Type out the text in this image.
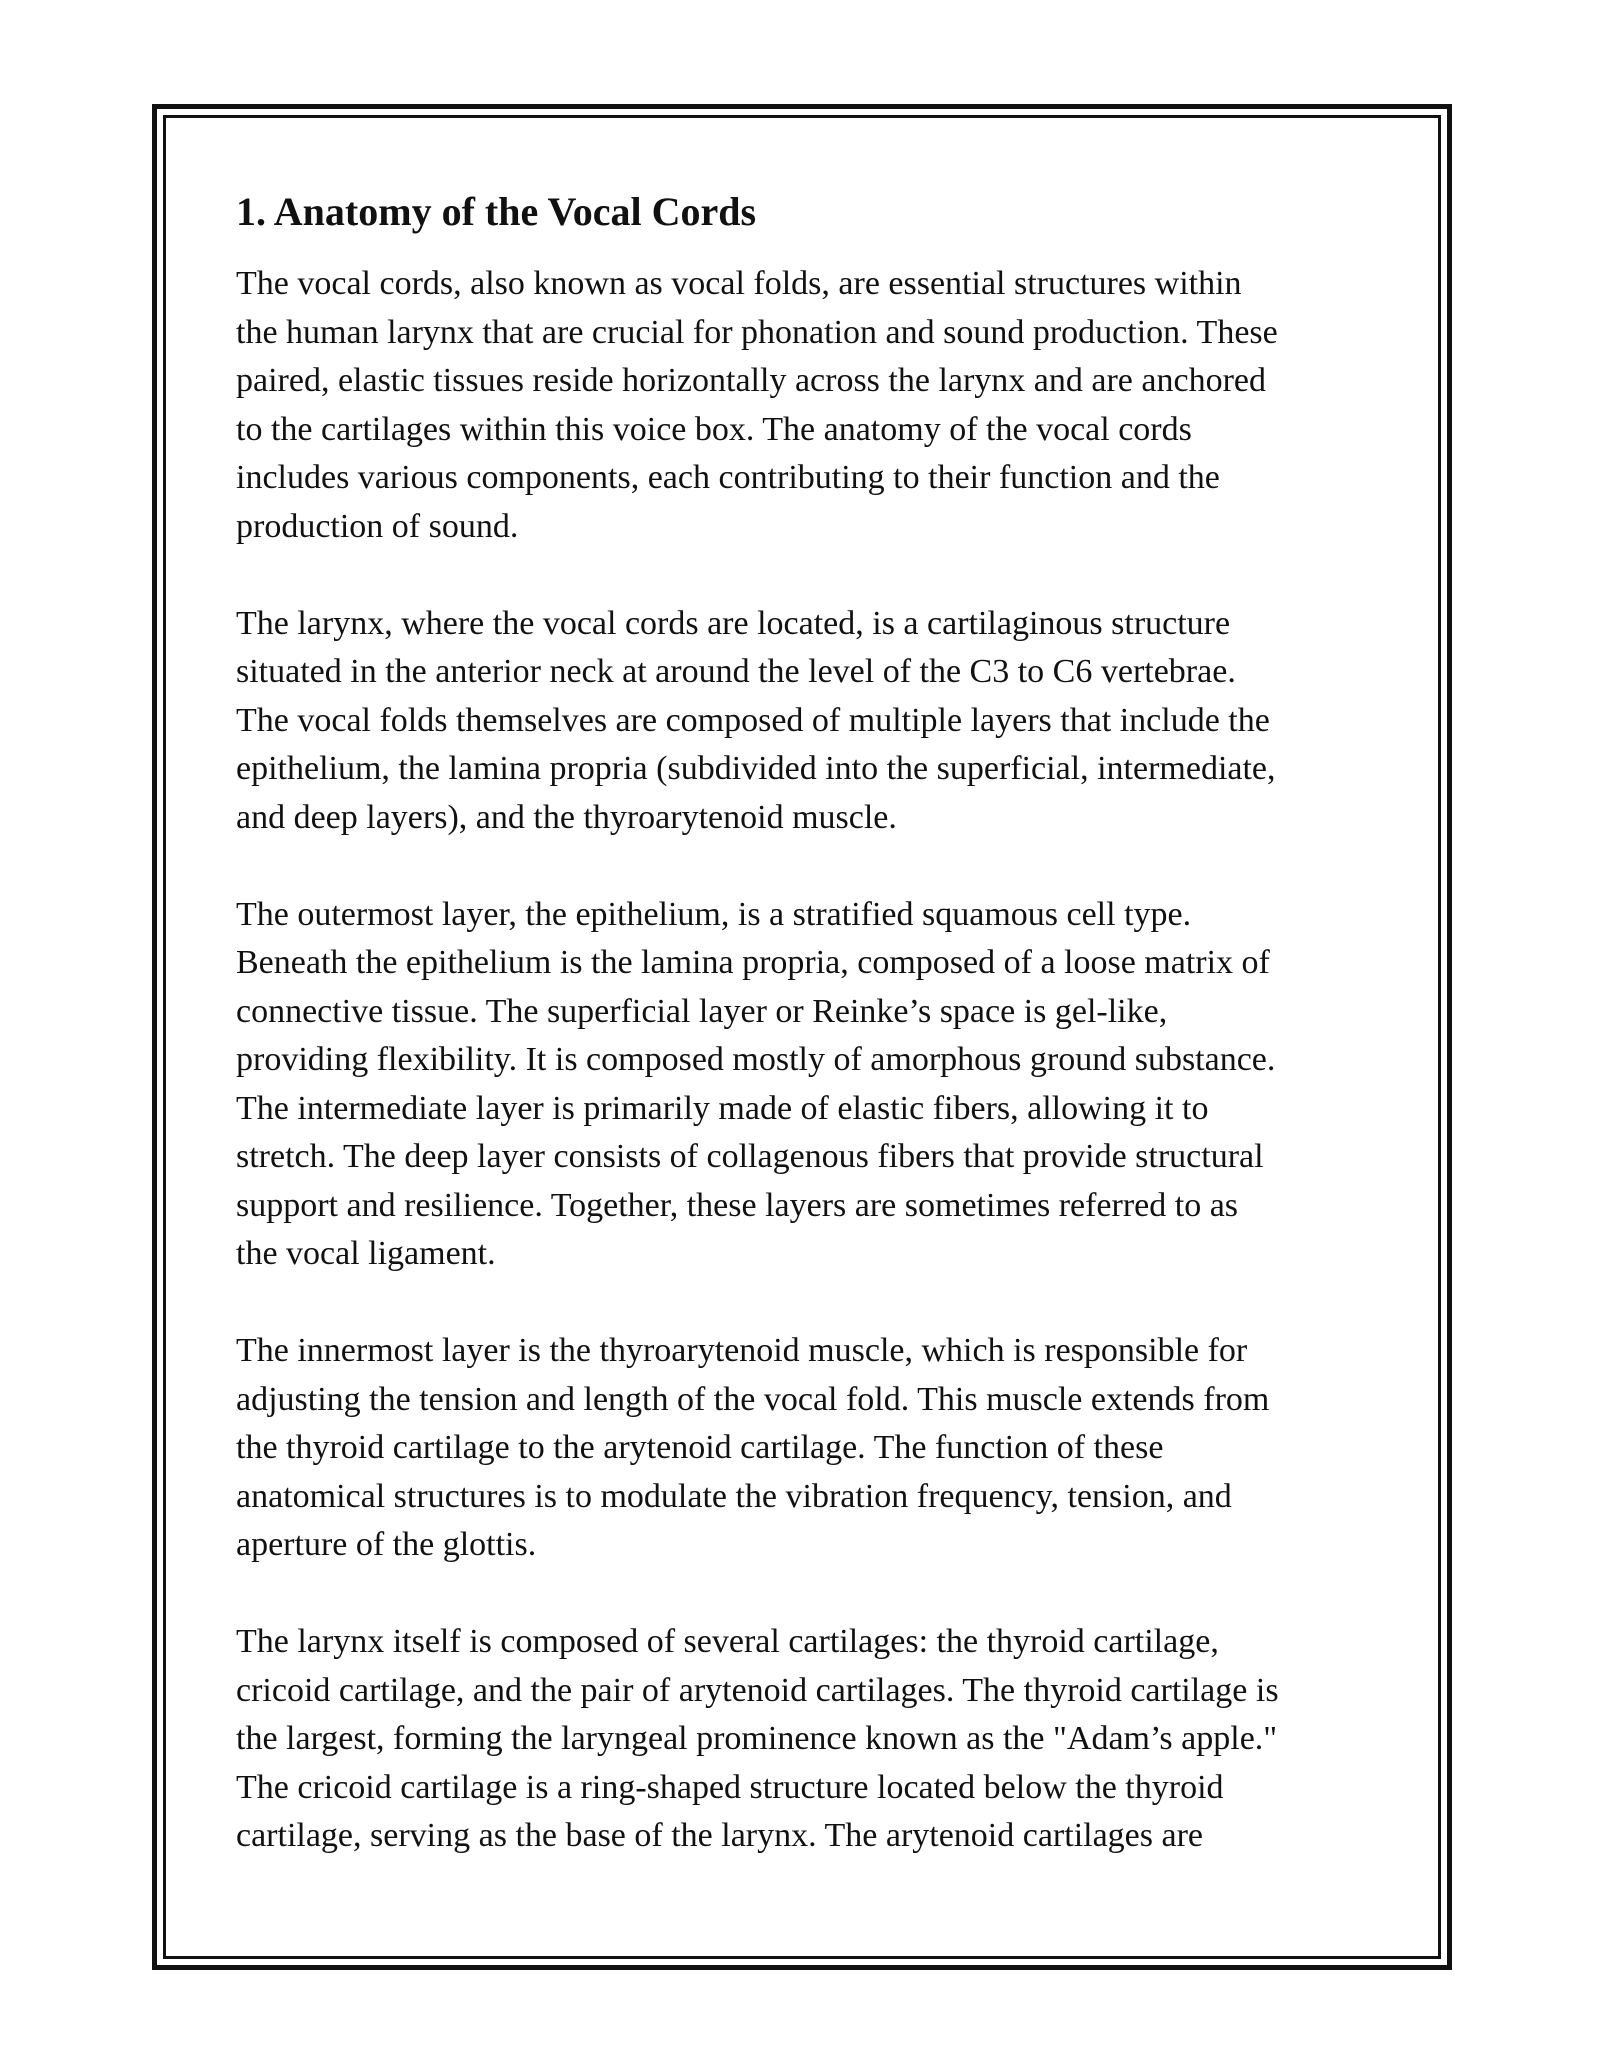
1. Anatomy of the Vocal Cords

The vocal cords, also known as vocal folds, are essential structures within
the human larynx that are crucial for phonation and sound production. These
paired, elastic tissues reside horizontally across the larynx and are anchored
to the cartilages within this voice box. The anatomy of the vocal cords
includes various components, each contributing to their function and the
production of sound.

The larynx, where the vocal cords are located, is a cartilaginous structure
situated in the anterior neck at around the level of the C3 to C6 vertebrae.
The vocal folds themselves are composed of multiple layers that include the
epithelium, the lamina propria (subdivided into the superficial, intermediate,
and deep layers), and the thyroarytenoid muscle.

The outermost layer, the epithelium, is a stratified squamous cell type.
Beneath the epithelium is the lamina propria, composed of a loose matrix of
connective tissue. The superficial layer or Reinke’s space is gel-like,
providing flexibility. It is composed mostly of amorphous ground substance.
The intermediate layer is primarily made of elastic fibers, allowing it to
stretch. The deep layer consists of collagenous fibers that provide structural
support and resilience. Together, these layers are sometimes referred to as
the vocal ligament.

The innermost layer is the thyroarytenoid muscle, which is responsible for
adjusting the tension and length of the vocal fold. This muscle extends from
the thyroid cartilage to the arytenoid cartilage. The function of these
anatomical structures is to modulate the vibration frequency, tension, and
aperture of the glottis.

The larynx itself is composed of several cartilages: the thyroid cartilage,
cricoid cartilage, and the pair of arytenoid cartilages. The thyroid cartilage is
the largest, forming the laryngeal prominence known as the "Adam’s apple."
The cricoid cartilage is a ring-shaped structure located below the thyroid
cartilage, serving as the base of the larynx. The arytenoid cartilages are
